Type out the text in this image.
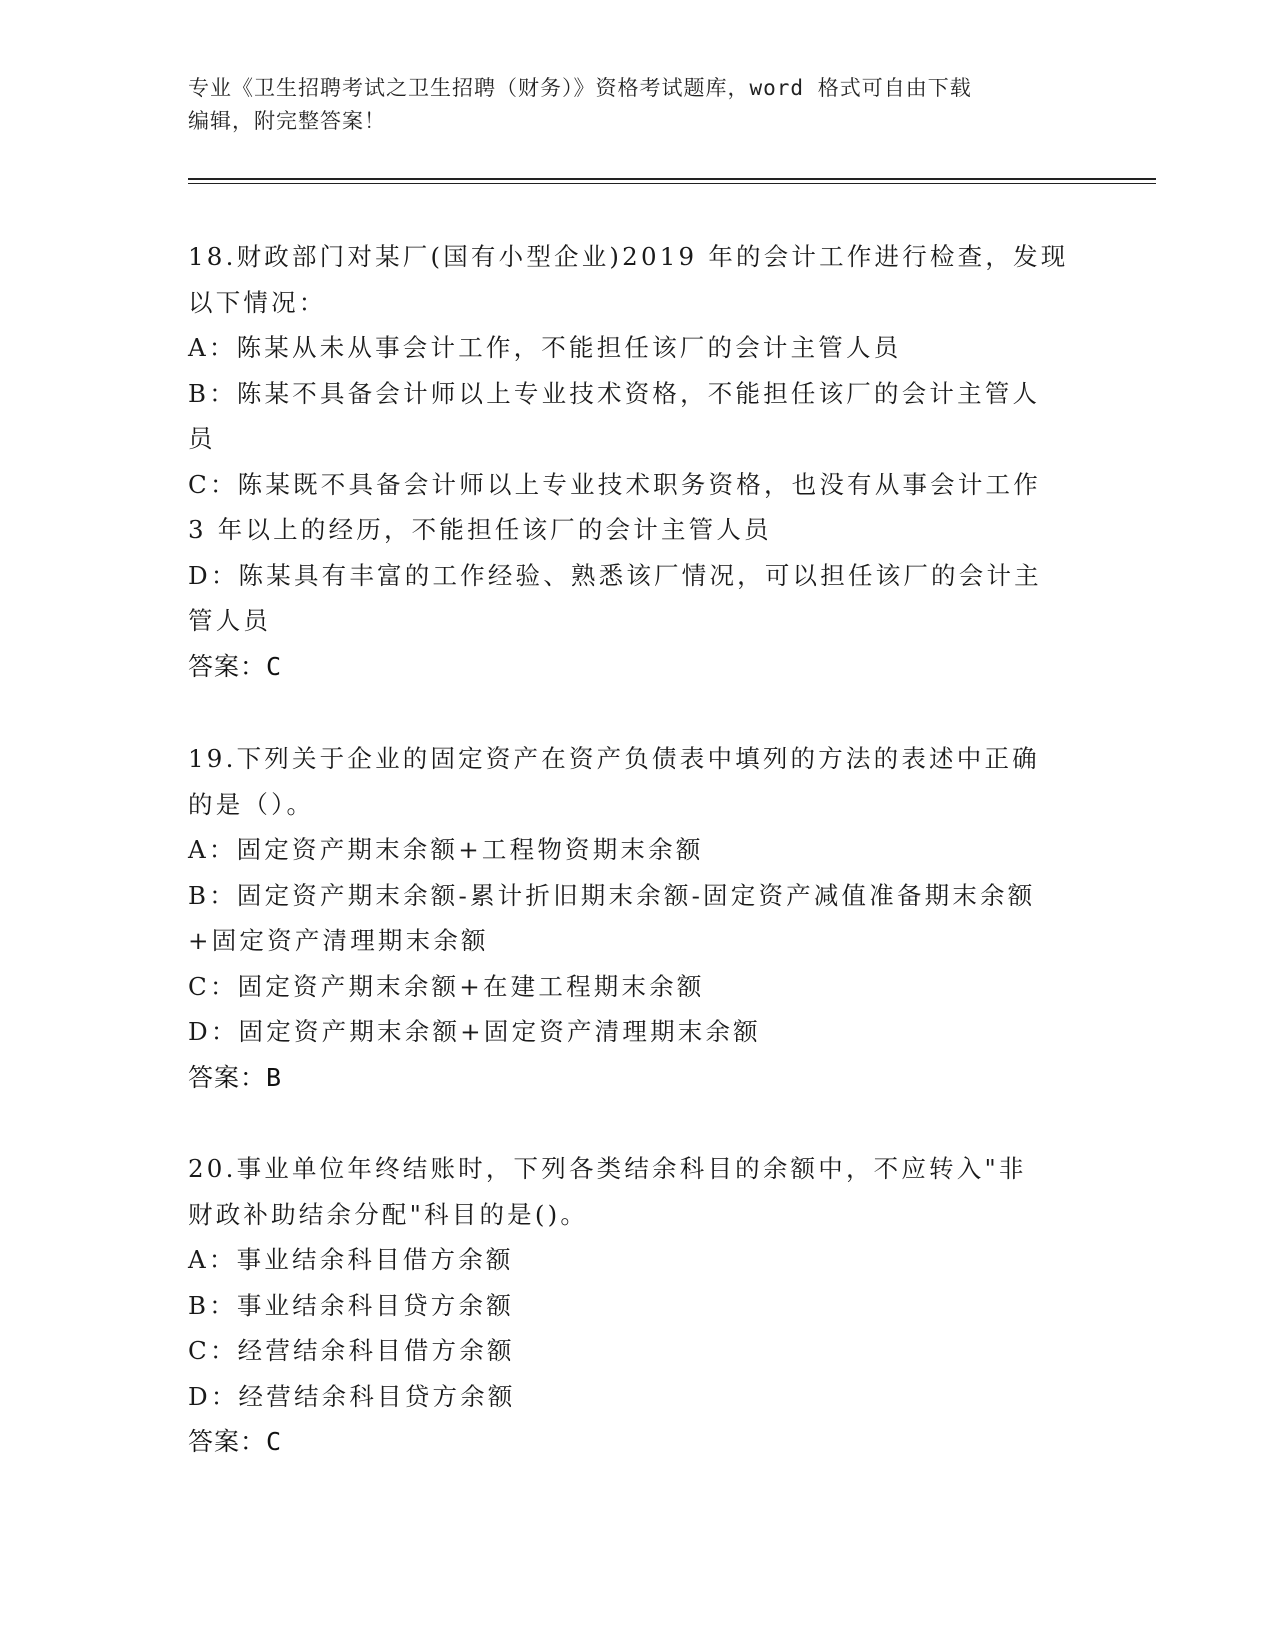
专业《卫生招聘考试之卫生招聘（财务）》资格考试题库，word 格式可自由下载
编辑，附完整答案！

18.财政部门对某厂(国有小型企业)2019 年的会计工作进行检查，发现

以下情况：

A：陈某从未从事会计工作，不能担任该厂的会计主管人员

B：陈某不具备会计师以上专业技术资格，不能担任该厂的会计主管人

员

C：陈某既不具备会计师以上专业技术职务资格，也没有从事会计工作

3 年以上的经历，不能担任该厂的会计主管人员

D：陈某具有丰富的工作经验、熟悉该厂情况，可以担任该厂的会计主

管人员

答案：C

19.下列关于企业的固定资产在资产负债表中填列的方法的表述中正确

的是（）。

A：固定资产期末余额+工程物资期末余额

B：固定资产期末余额-累计折旧期末余额-固定资产减值准备期末余额

+固定资产清理期末余额

C：固定资产期末余额+在建工程期末余额

D：固定资产期末余额+固定资产清理期末余额

答案：B

20.事业单位年终结账时，下列各类结余科目的余额中，不应转入"非

财政补助结余分配"科目的是()。

A：事业结余科目借方余额

B：事业结余科目贷方余额

C：经营结余科目借方余额

D：经营结余科目贷方余额

答案：C
